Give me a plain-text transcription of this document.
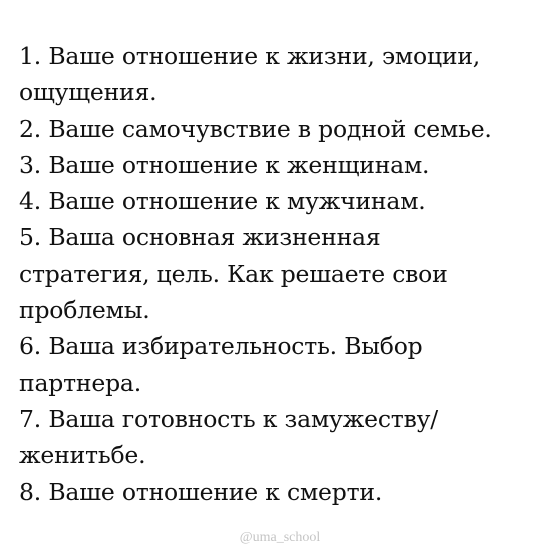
1. Ваше отношение к жизни, эмоции,
ощущения.
2. Ваше самочувствие в родной семье.
3. Ваше отношение к женщинам.
4. Ваше отношение к мужчинам.
5. Ваша основная жизненная
стратегия, цель. Как решаете свои
проблемы.
6. Ваша избирательность. Выбор
партнера.
7. Ваша готовность к замужеству/
женитьбе.
8. Ваше отношение к смерти.
@uma_school
